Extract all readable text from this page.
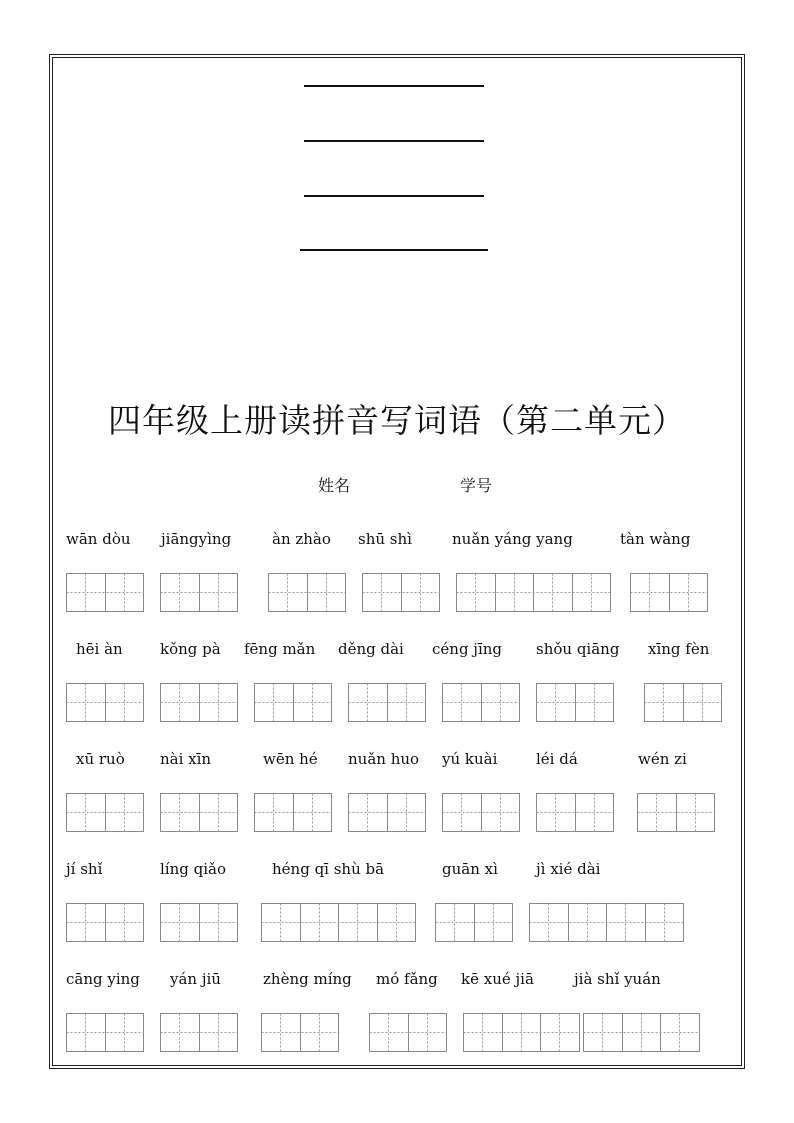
四年级上册读拼音写词语（第二单元）
姓名	学号
wān dòu jiāngyìng	àn zhào shū shì	nuǎn yáng yang	tàn wàng
hēi àn kǒng pà fēng mǎn děng dài céng jīng shǒu qiāng xīng fèn
xū ruò nài xīn	wēn hé nuǎn huo yú kuài	léi dá	wén zi
jí shǐ	líng qiǎo	héng qī shù bā	guān xì	jì xié dài
cāng ying yán jiū	zhèng míng mó fǎng kē xué jiā	jià shǐ yuán
